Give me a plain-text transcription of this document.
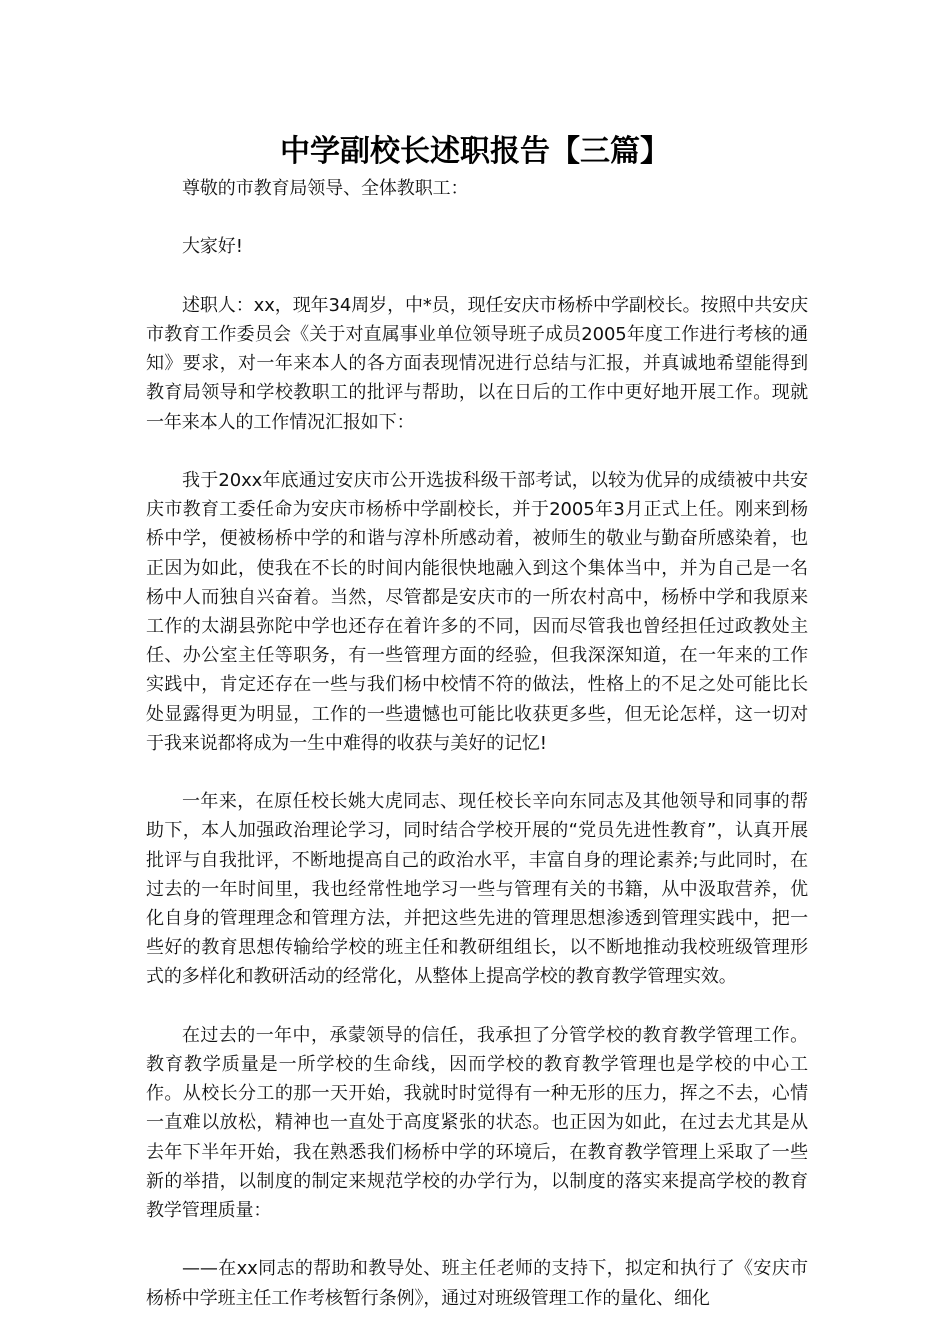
中学副校长述职报告【三篇】

尊敬的市教育局领导、全体教职工：

大家好!

述职人：xx，现年34周岁，中*员，现任安庆市杨桥中学副校长。按照中共安庆市教育工作委员会《关于对直属事业单位领导班子成员2005年度工作进行考核的通知》要求，对一年来本人的各方面表现情况进行总结与汇报，并真诚地希望能得到教育局领导和学校教职工的批评与帮助，以在日后的工作中更好地开展工作。现就一年来本人的工作情况汇报如下：

我于20xx年底通过安庆市公开选拔科级干部考试，以较为优异的成绩被中共安庆市教育工委任命为安庆市杨桥中学副校长，并于2005年3月正式上任。刚来到杨桥中学，便被杨桥中学的和谐与淳朴所感动着，被师生的敬业与勤奋所感染着，也正因为如此，使我在不长的时间内能很快地融入到这个集体当中，并为自己是一名杨中人而独自兴奋着。当然，尽管都是安庆市的一所农村高中，杨桥中学和我原来工作的太湖县弥陀中学也还存在着许多的不同，因而尽管我也曾经担任过政教处主任、办公室主任等职务，有一些管理方面的经验，但我深深知道，在一年来的工作实践中，肯定还存在一些与我们杨中校情不符的做法，性格上的不足之处可能比长处显露得更为明显，工作的一些遗憾也可能比收获更多些，但无论怎样，这一切对于我来说都将成为一生中难得的收获与美好的记忆!

一年来，在原任校长姚大虎同志、现任校长辛向东同志及其他领导和同事的帮助下，本人加强政治理论学习，同时结合学校开展的“党员先进性教育”，认真开展批评与自我批评，不断地提高自己的政治水平，丰富自身的理论素养;与此同时，在过去的一年时间里，我也经常性地学习一些与管理有关的书籍，从中汲取营养，优化自身的管理理念和管理方法，并把这些先进的管理思想渗透到管理实践中，把一些好的教育思想传输给学校的班主任和教研组组长，以不断地推动我校班级管理形式的多样化和教研活动的经常化，从整体上提高学校的教育教学管理实效。

在过去的一年中，承蒙领导的信任，我承担了分管学校的教育教学管理工作。教育教学质量是一所学校的生命线，因而学校的教育教学管理也是学校的中心工作。从校长分工的那一天开始，我就时时觉得有一种无形的压力，挥之不去，心情一直难以放松，精神也一直处于高度紧张的状态。也正因为如此，在过去尤其是从去年下半年开始，我在熟悉我们杨桥中学的环境后，在教育教学管理上采取了一些新的举措，以制度的制定来规范学校的办学行为，以制度的落实来提高学校的教育教学管理质量：

——在xx同志的帮助和教导处、班主任老师的支持下，拟定和执行了《安庆市杨桥中学班主任工作考核暂行条例》，通过对班级管理工作的量化、细化
